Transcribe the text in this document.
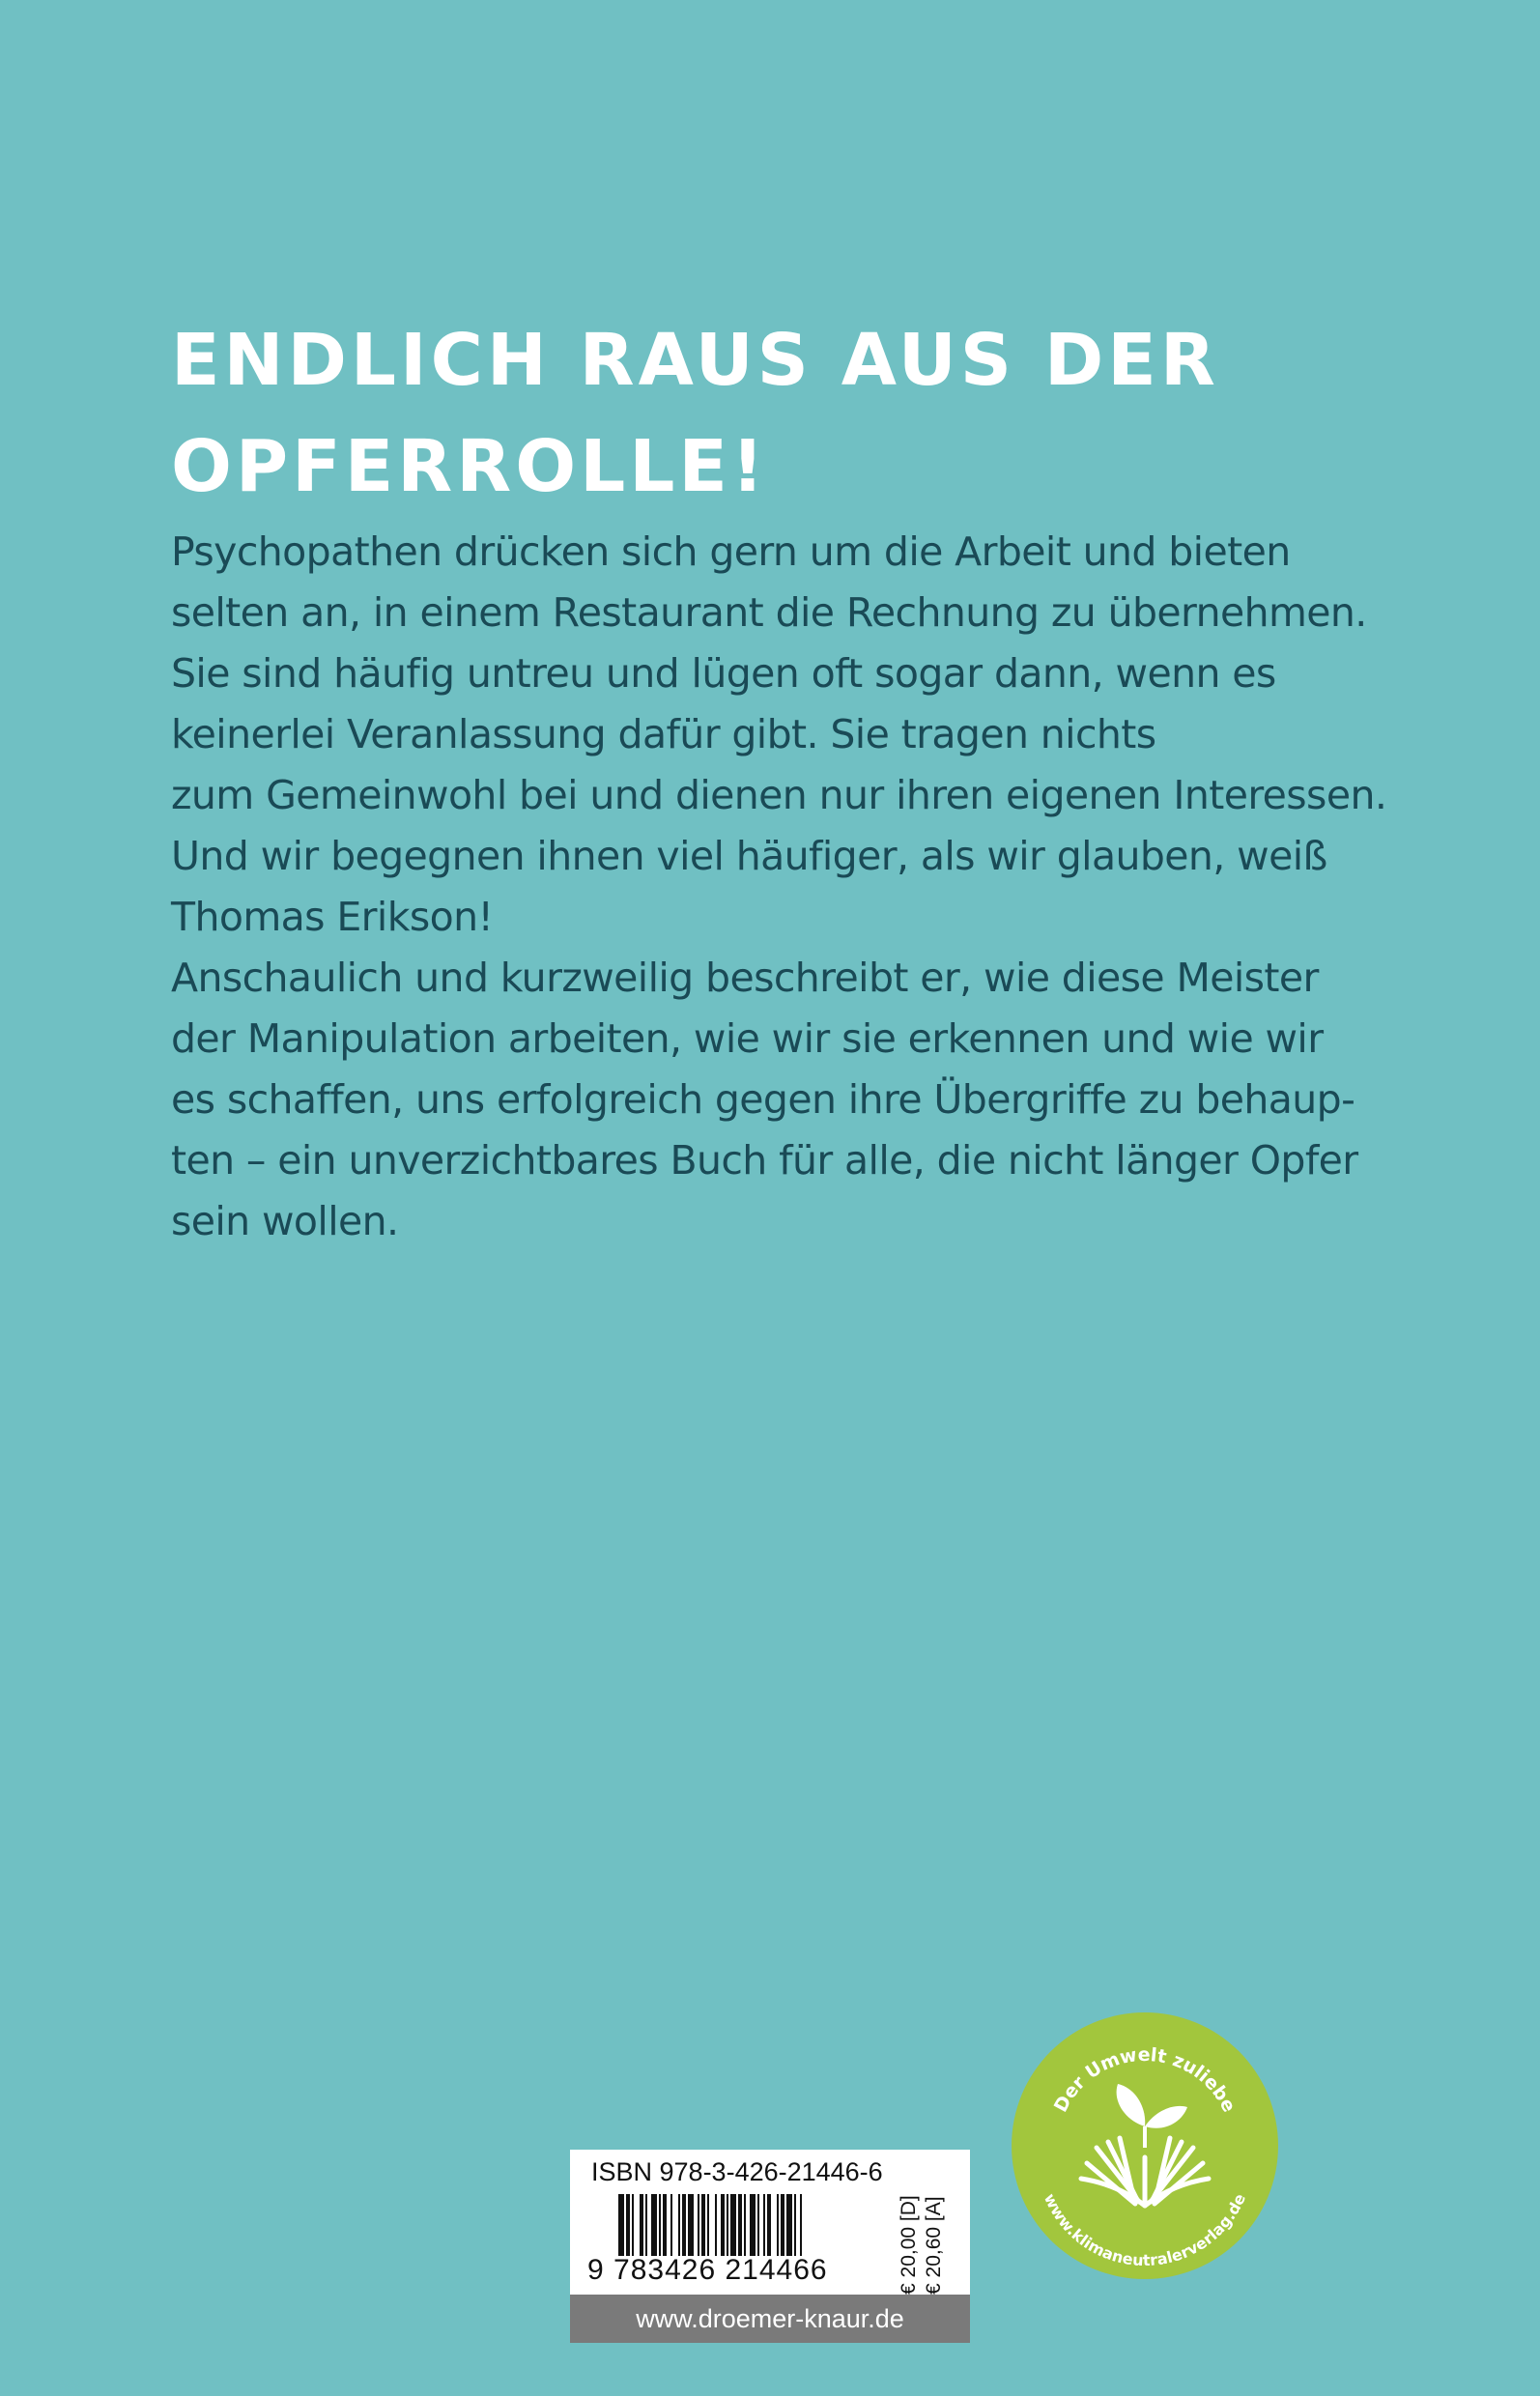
ENDLICH RAUS AUS DER
OPFERROLLE!
Psychopathen drücken sich gern um die Arbeit und bieten
selten an, in einem Restaurant die Rechnung zu übernehmen.
Sie sind häufig untreu und lügen oft sogar dann, wenn es
keinerlei Veranlassung dafür gibt. Sie tragen nichts
zum Gemeinwohl bei und dienen nur ihren eigenen Interessen.
Und wir begegnen ihnen viel häufiger, als wir glauben, weiß
Thomas Erikson!
Anschaulich und kurzweilig beschreibt er, wie diese Meister
der Manipulation arbeiten, wie wir sie erkennen und wie wir
es schaffen, uns erfolgreich gegen ihre Übergriffe zu behaup-
ten – ein unverzichtbares Buch für alle, die nicht länger Opfer
sein wollen.
Der Umwelt zuliebe
www.klimaneutralerverlag.de
ISBN 978-3-426-21446-6
9 783426 214466	€ 20,00 [D] € 20,60 [A]
www.droemer-knaur.de
